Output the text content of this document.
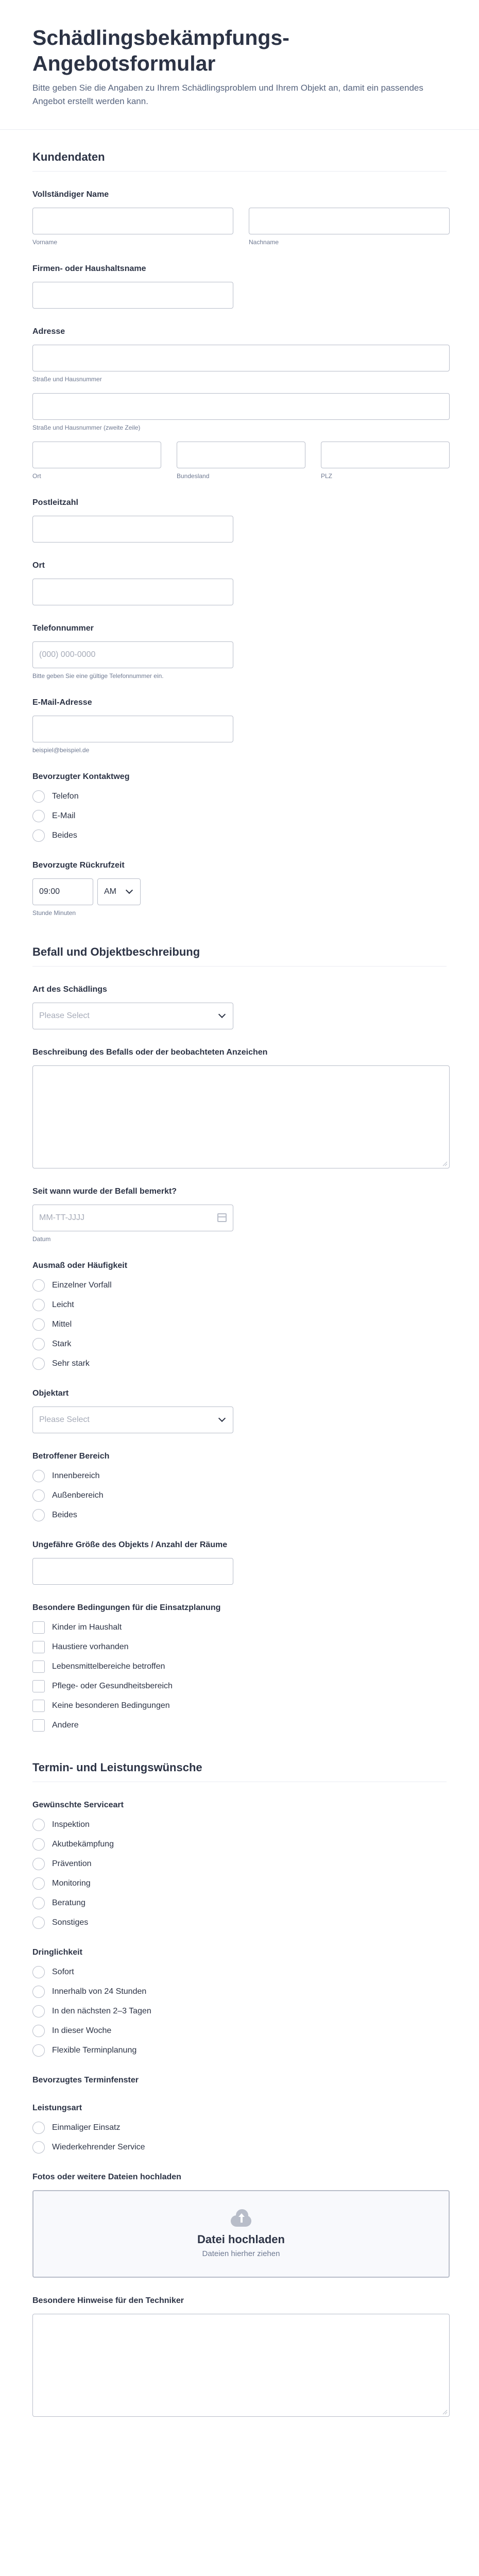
Schädlingsbekämpfungs-Angebotsformular

Bitte geben Sie die Angaben zu Ihrem Schädlingsproblem und Ihrem Objekt an, damit ein passendes Angebot erstellt werden kann.

Kundendaten
Vollständiger Name
Vorname	Nachname
Firmen- oder Haushaltsname
Adresse
Straße und Hausnummer
Straße und Hausnummer (zweite Zeile)
Ort	Bundesland	PLZ
Postleitzahl
Ort
Telefonnummer
(000) 000-0000
Bitte geben Sie eine gültige Telefonnummer ein.
E-Mail-Adresse
beispiel@beispiel.de
Bevorzugter Kontaktweg
Telefon
E-Mail
Beides
Bevorzugte Rückrufzeit
09:00	AM
Stunde Minuten
Befall und Objektbeschreibung
Art des Schädlings
Please Select
Beschreibung des Befalls oder der beobachteten Anzeichen
Seit wann wurde der Befall bemerkt?
MM-TT-JJJJ
Datum
Ausmaß oder Häufigkeit
Einzelner Vorfall
Leicht
Mittel
Stark
Sehr stark
Objektart
Please Select
Betroffener Bereich
Innenbereich
Außenbereich
Beides
Ungefähre Größe des Objekts / Anzahl der Räume
Besondere Bedingungen für die Einsatzplanung
Kinder im Haushalt
Haustiere vorhanden
Lebensmittelbereiche betroffen
Pflege- oder Gesundheitsbereich
Keine besonderen Bedingungen
Andere
Termin- und Leistungswünsche
Gewünschte Serviceart
Inspektion
Akutbekämpfung
Prävention
Monitoring
Beratung
Sonstiges
Dringlichkeit
Sofort
Innerhalb von 24 Stunden
In den nächsten 2–3 Tagen
In dieser Woche
Flexible Terminplanung
Bevorzugtes Terminfenster
Leistungsart
Einmaliger Einsatz
Wiederkehrender Service
Fotos oder weitere Dateien hochladen
Datei hochladen
Dateien hierher ziehen
Besondere Hinweise für den Techniker
